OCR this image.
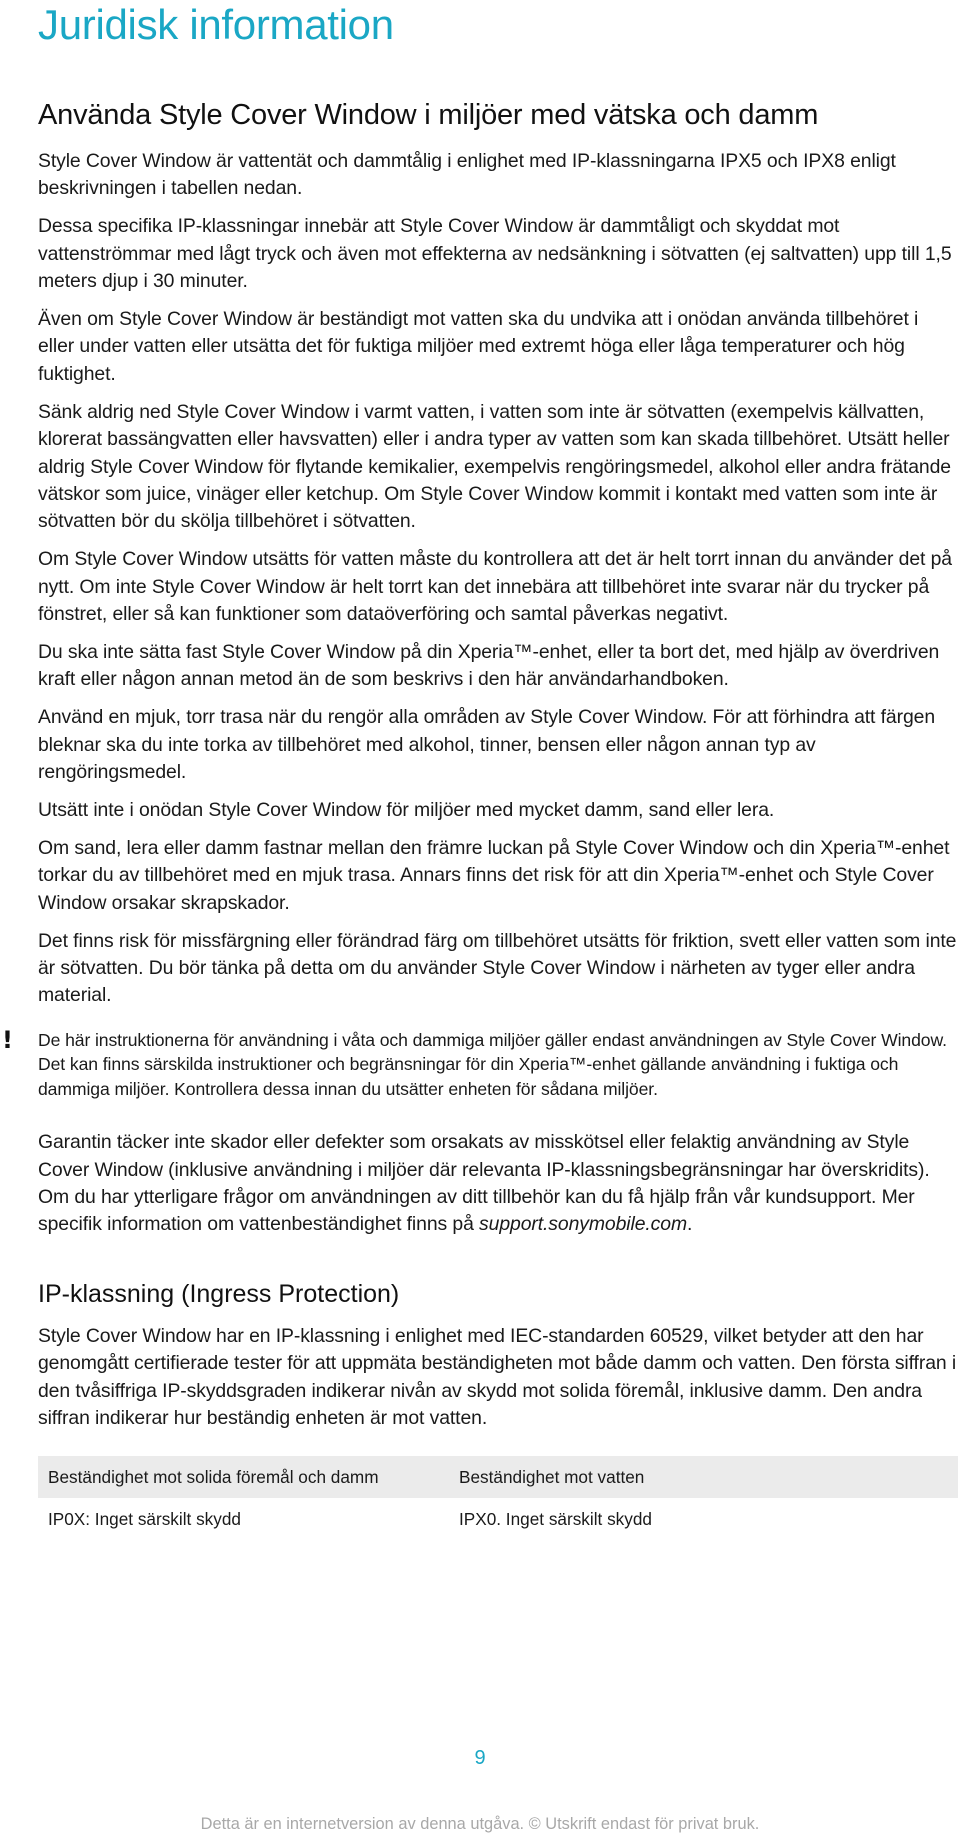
Juridisk information
Använda Style Cover Window i miljöer med vätska och damm

Style Cover Window är vattentät och dammtålig i enlighet med IP-klassningarna IPX5 och IPX8 enligt beskrivningen i tabellen nedan.

Dessa specifika IP-klassningar innebär att Style Cover Window är dammtåligt och skyddat mot vattenströmmar med lågt tryck och även mot effekterna av nedsänkning i sötvatten (ej saltvatten) upp till 1,5 meters djup i 30 minuter.

Även om Style Cover Window är beständigt mot vatten ska du undvika att i onödan använda tillbehöret i eller under vatten eller utsätta det för fuktiga miljöer med extremt höga eller låga temperaturer och hög fuktighet.

Sänk aldrig ned Style Cover Window i varmt vatten, i vatten som inte är sötvatten (exempelvis källvatten, klorerat bassängvatten eller havsvatten) eller i andra typer av vatten som kan skada tillbehöret. Utsätt heller aldrig Style Cover Window för flytande kemikalier, exempelvis rengöringsmedel, alkohol eller andra frätande vätskor som juice, vinäger eller ketchup. Om Style Cover Window kommit i kontakt med vatten som inte är sötvatten bör du skölja tillbehöret i sötvatten.

Om Style Cover Window utsätts för vatten måste du kontrollera att det är helt torrt innan du använder det på nytt. Om inte Style Cover Window är helt torrt kan det innebära att tillbehöret inte svarar när du trycker på fönstret, eller så kan funktioner som dataöverföring och samtal påverkas negativt.

Du ska inte sätta fast Style Cover Window på din Xperia™-enhet, eller ta bort det, med hjälp av överdriven kraft eller någon annan metod än de som beskrivs i den här användarhandboken.

Använd en mjuk, torr trasa när du rengör alla områden av Style Cover Window. För att förhindra att färgen bleknar ska du inte torka av tillbehöret med alkohol, tinner, bensen eller någon annan typ av rengöringsmedel.

Utsätt inte i onödan Style Cover Window för miljöer med mycket damm, sand eller lera.

Om sand, lera eller damm fastnar mellan den främre luckan på Style Cover Window och din Xperia™-enhet torkar du av tillbehöret med en mjuk trasa. Annars finns det risk för att din Xperia™-enhet och Style Cover Window orsakar skrapskador.

Det finns risk för missfärgning eller förändrad färg om tillbehöret utsätts för friktion, svett eller vatten som inte är sötvatten. Du bör tänka på detta om du använder Style Cover Window i närheten av tyger eller andra material.

! De här instruktionerna för användning i våta och dammiga miljöer gäller endast användningen av Style Cover Window. Det kan finns särskilda instruktioner och begränsningar för din Xperia™-enhet gällande användning i fuktiga och dammiga miljöer. Kontrollera dessa innan du utsätter enheten för sådana miljöer.

Garantin täcker inte skador eller defekter som orsakats av misskötsel eller felaktig användning av Style Cover Window (inklusive användning i miljöer där relevanta IP-klassningsbegränsningar har överskridits). Om du har ytterligare frågor om användningen av ditt tillbehör kan du få hjälp från vår kundsupport. Mer specifik information om vattenbeständighet finns på support.sonymobile.com.

IP-klassning (Ingress Protection)

Style Cover Window har en IP-klassning i enlighet med IEC-standarden 60529, vilket betyder att den har genomgått certifierade tester för att uppmäta beständigheten mot både damm och vatten. Den första siffran i den tvåsiffriga IP-skyddsgraden indikerar nivån av skydd mot solida föremål, inklusive damm. Den andra siffran indikerar hur beständig enheten är mot vatten.

Beständighet mot solida föremål och damm	Beständighet mot vatten
IP0X: Inget särskilt skydd	IPX0. Inget särskilt skydd
9
Detta är en internetversion av denna utgåva. © Utskrift endast för privat bruk.
